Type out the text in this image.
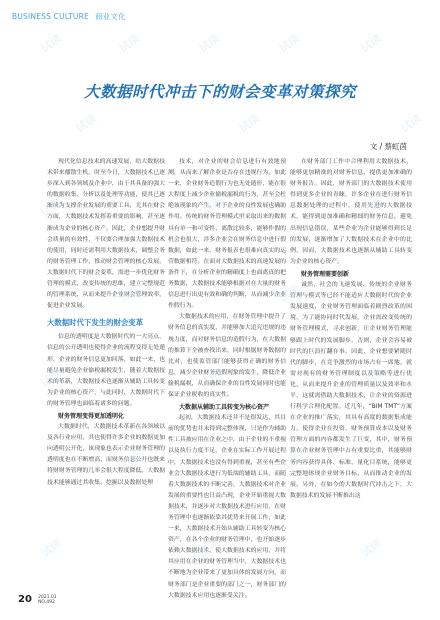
BUSINESS CULTURE 商业文化
大数据时代冲击下的财会变革对策探究
文 / 蔡虹茵

现代化信息技术的高速发展，给大数据技术带来播散生机，时至今日，大数据技术已逐步深入到各领域及企业中，由于其具备的强大的数据收集、分析以及处理等功能，使其已逐渐成为支撑企业发展的重要工具，尤其在财会方面，大数据技术发挥着重要的影响，甚至逐渐成为企业的核心资产。因此，企业想提升财会质量的有效性，不仅要合理加强大数据技术的使用，同时还需利用大数据技术，调整会务的财务管理工作，推动财会管理的核心发展。大数据时代下的财会变革，需进一步优化财务管理的模式，改变传统的思维，建立完整规范的管理系统，从而来提升企业财会管理效率，促进企业发展。

大数据时代下发生的财会变革

信息的透明度是大数据时代的一大亮点，信息的公开透明也使得企业的流程变得无处遁形，企业的财务信息更加回落，如此一来，也能尽量避免企业偷税漏税发生，随着大数据技术的革新，大数据技术也逐渐从辅助工具转变为企业的核心资产，与此同时，大数据时代下的财务管理也面临着诸多的问题。

财务管理变得更加透明化

大数据时代，大数据技术革新在各领域以及各行业应用，其也使得许多企业的数据更加向透明公开化，该现象也表示企业财务管理的透明度也在不断增高，而财务信息公开也既来将财财务管理的几率会很大程度降低。大数据技术能够通过其收集、挖掘以及数据处理

技术，对企业的财会信息进行有效地预测，从而来了解企业是否存在违规行为，如此一来，企业财务造假行为也无处遁形，能在很大程度上减少企业偷税漏税的行为，甚至会杜绝该现象的产生。对于企业的良性发展也确助作用。传统的财务管理模式里采取出来的数据具有单一和可变性，离散比较多，能够作假的机会也很大，涉多企业会在财务信息中进行假数据，如此一来，财务报表也很难向真实的运营数据相符。在面对大数据技术的高速发展的条件下，在分析企业的精确度上也面离真的把务数据，大数据技术能够根据对在大量的财务信息进行出更有效和确的判断，从而减少企业作假行为。

大数据技术的应用，在财务管理中提升了财务信息的真实度，并能够加大追究违规的违规力度，而对财务信息的造假行为，在大数据的推算下全被查找出来，同时根据财务数据的比对，也使监管部门能够获得正确的财务信息，减少企业财务造假现象的发生，降低企业偷税漏税，从而确保企业的良性发展同时也能保证企业税收的真实性。

大数据从辅助工具转变为核心资产

起初，大数据技术还并不是很发达，其目前的优势也并未得到完整体现，只是作为辅助性工具被应用在企业之中，由于企业的不重视以及执行力度不足，企业在实际工作开展过程中，大数据技术也没有得到重视，甚至有些企业会大数据技术进行为低端的辅助工具，而随着大数据技术的不断完善，大数据技术对企业发展的重要性也日益凸现，企业开始重视大数据技术，并逐步对大数据技术进行应用，在财务管理中也逐渐依靠其优势来开展工作，如此一来，大数据技术开始从辅助工具转变为核心资产，在各个企业的财务管理中，也开始逐步依赖大数据技术，使大数据技术的应用，并将其应用在企业的财务管理当中，大数据技术也不断地为企业带来了更加具体的发展方向，而财务部门是企业重要的部门之一，财务部门的大数据技术应用也逐渐受关注。

在财务部门工作中合理利用大数据技术，能够更加精准的对财务信息，提供更加准确的财务报告。因此，财务部门的大数据技术使用得到更多企业的青睐，许多企业在进行财务信息数据处理的过程中，使用先进的大数据技术，能得到更加准确和精细的财务信息，避免出现信息错误，某些企业为企业能够得到长足的发展，逐渐增加了大数据技术在企业中的比例，因而，大数据技术也逐渐从辅助工具转变为企业的核心资产。

财务管理需要创新

诚然，社会的飞速发展，传统的企业财务管理与模式等已经不能适应大数据时代的企业发展速度，企业财务管理面临着剧烈改革的困境，为了能协同时代发展，企业需改变传统的财务管理模式，寻求创新，让企业财务管理能够跟上时代的发展脚步，否则，企业会容易被时代的巨浪打翻在事。因此，企业想要紧随时代的脚步，在竞争激烈的市场占有一席地，就需对现有的财务管理制度以及策略等进行优化，从而来提升企业的管理质量以及效率和水平，这就需借助大数据技术，让企业的资源进行科学合理化配置。近几年，“BIM TMT”方案在企业的推广落实，其具有高度的数据集成能力，使得企业在投资、财务预算成本以及财务管理方面的内容都发生了巨变，其中，财务预算在企业财务管理中占有重要比重，其能够财务内容获得具体、标准、量化目系统，能够更完整地体现企业财务目标，从而推动企业的发展。另外，在如今的大数据时代冲击之下，大数据技术的发展不断推出这

试读	试读	试读	试读	试读
试读	试读	试读
试读	试读	试读
试读	试读
试读	试读	试读
试读	试读
试读	试读	试读
20 2021.01
NO.492
